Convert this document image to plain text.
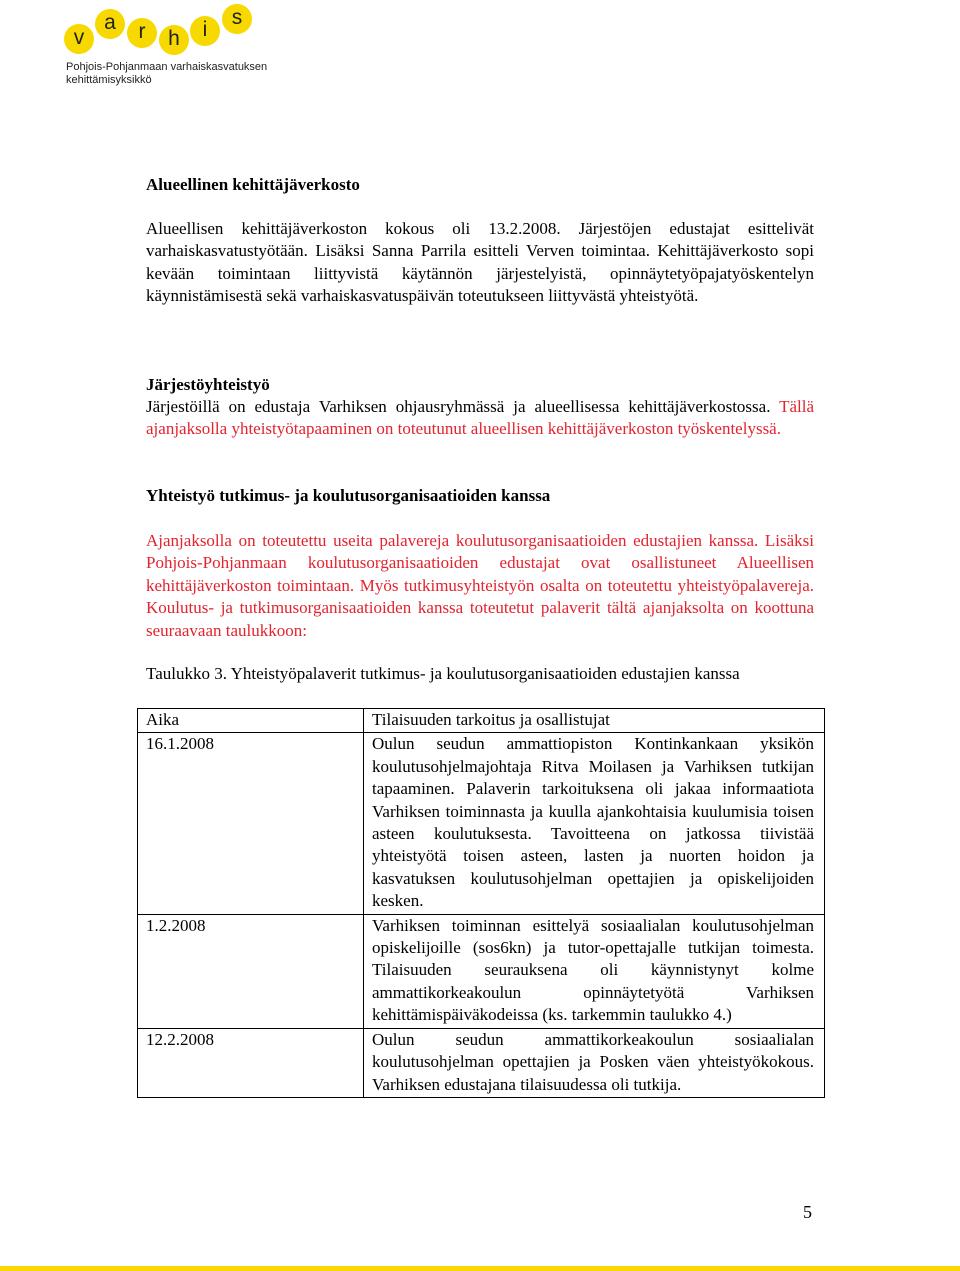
v
a	r	h	i
s
Pohjois-Pohjanmaan varhaiskasvatuksen
kehittämisyksikkö
Alueellinen kehittäjäverkosto
Alueellisen kehittäjäverkoston kokous oli 13.2.2008. Järjestöjen edustajat esittelivät varhaiskasvatustyötään. Lisäksi Sanna Parrila esitteli Verven toimintaa. Kehittäjäverkosto sopi kevään toimintaan liittyvistä käytännön järjestelyistä, opinnäytetyöpajatyöskentelyn käynnistämisestä sekä varhaiskasvatuspäivän toteutukseen liittyvästä yhteistyötä.
Järjestöyhteistyö
Järjestöillä on edustaja Varhiksen ohjausryhmässä ja alueellisessa kehittäjäverkostossa. Tällä ajanjaksolla yhteistyötapaaminen on toteutunut alueellisen kehittäjäverkoston työskentelyssä.
Yhteistyö tutkimus- ja koulutusorganisaatioiden kanssa
Ajanjaksolla on toteutettu useita palavereja koulutusorganisaatioiden edustajien kanssa. Lisäksi Pohjois-Pohjanmaan koulutusorganisaatioiden edustajat ovat osallistuneet Alueellisen kehittäjäverkoston toimintaan. Myös tutkimusyhteistyön osalta on toteutettu yhteistyöpalavereja. Koulutus- ja tutkimusorganisaatioiden kanssa toteutetut palaverit tältä ajanjaksolta on koottuna seuraavaan taulukkoon:
Taulukko 3. Yhteistyöpalaverit tutkimus- ja koulutusorganisaatioiden edustajien kanssa
Aika	Tilaisuuden tarkoitus ja osallistujat
16.1.2008	Oulun seudun ammattiopiston Kontinkankaan yksikön koulutusohjelmajohtaja Ritva Moilasen ja Varhiksen tutkijan tapaaminen. Palaverin tarkoituksena oli jakaa informaatiota Varhiksen toiminnasta ja kuulla ajankohtaisia kuulumisia toisen asteen koulutuksesta. Tavoitteena on jatkossa tiivistää yhteistyötä toisen asteen, lasten ja nuorten hoidon ja kasvatuksen koulutusohjelman opettajien ja opiskelijoiden kesken.
1.2.2008	Varhiksen toiminnan esittelyä sosiaalialan koulutusohjelman opiskelijoille (sos6kn) ja tutor-opettajalle tutkijan toimesta. Tilaisuuden seurauksena oli käynnistynyt kolme ammattikorkeakoulun opinnäytetyötä Varhiksen kehittämispäiväkodeissa (ks. tarkemmin taulukko 4.)
12.2.2008	Oulun seudun ammattikorkeakoulun sosiaalialan koulutusohjelman opettajien ja Posken väen yhteistyökokous. Varhiksen edustajana tilaisuudessa oli tutkija.
5
